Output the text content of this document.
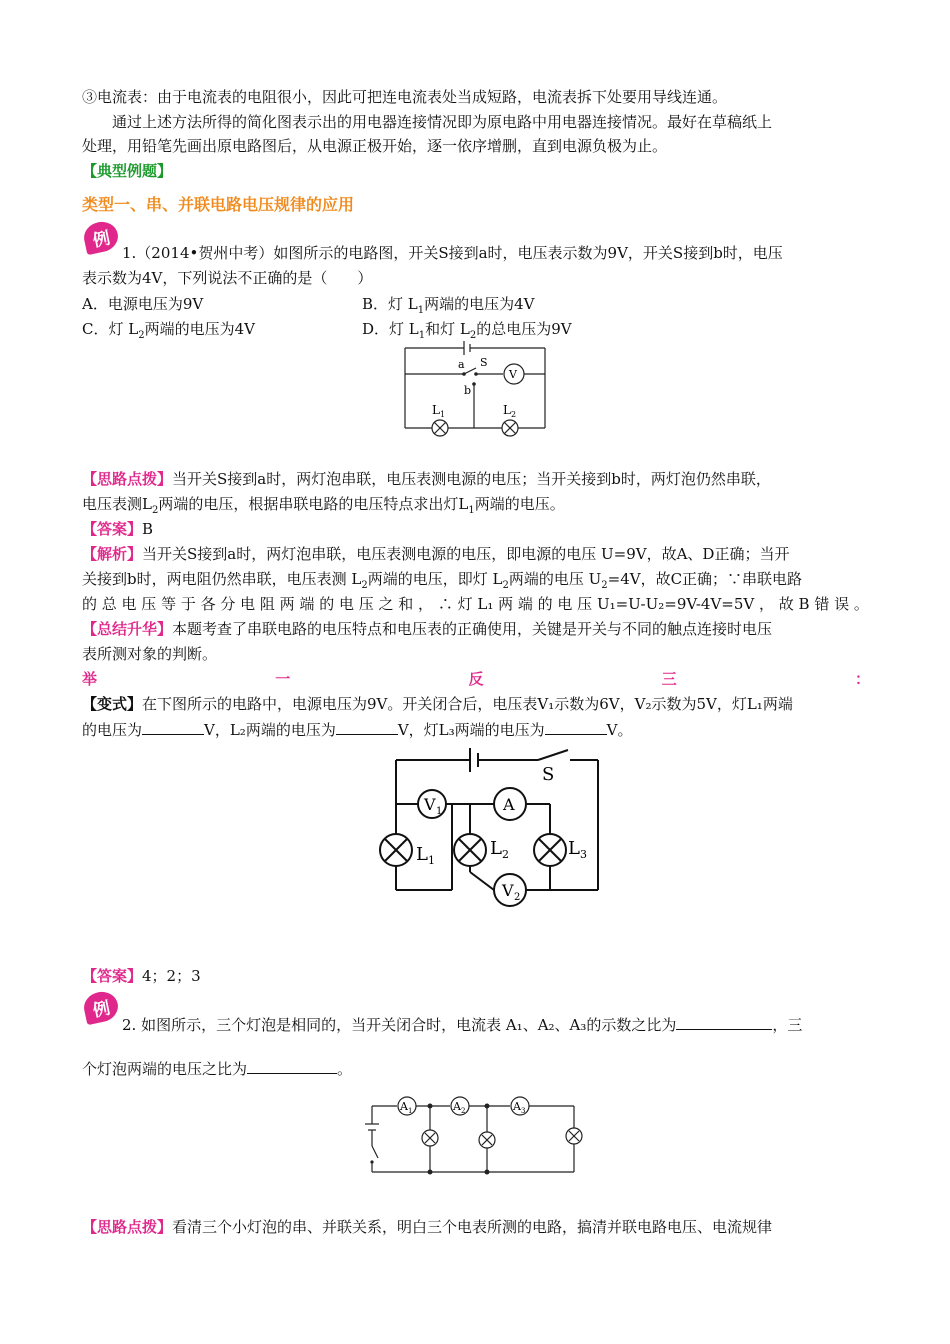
③电流表：由于电流表的电阻很小，因此可把连电流表处当成短路，电流表拆下处要用导线连通。
通过上述方法所得的简化图表示出的用电器连接情况即为原电路中用电器连接情况。最好在草稿纸上
处理，用铅笔先画出原电路图后，从电源正极开始，逐一依序增删，直到电源负极为止。
【典型例题】
类型一、串、并联电路电压规律的应用
例
1.（2014•贺州中考）如图所示的电路图，开关S接到a时，电压表示数为9V，开关S接到b时，电压
表示数为4V，下列说法不正确的是（　　）
A．电源电压为9V	B．灯 $L_1$两端的电压为4V
C．灯 $L_2$两端的电压为4V	D．灯 $L_1$和灯 $L_2$的总电压为9V
a S
b
V
L 1	L 2
【思路点拨】当开关S接到a时，两灯泡串联，电压表测电源的电压；当开关接到b时，两灯泡仍然串联，
电压表测$L_2$两端的电压，根据串联电路的电压特点求出灯$L_1$两端的电压。
【答案】B
【解析】当开关S接到a时，两灯泡串联，电压表测电源的电压，即电源的电压 U=9V，故A、D正确；当开
关接到b时，两电阻仍然串联，电压表测 $L_2$两端的电压，即灯 $L_2$两端的电压 $U_2=4V$，故C正确；∵串联电路
的 总 电 压 等 于 各 分 电 阻 两 端 的 电 压 之 和 ， ∴ 灯 L₁ 两 端 的 电 压 U₁=U-U₂=9V-4V=5V ， 故 B 错 误 。
【总结升华】本题考查了串联电路的电压特点和电压表的正确使用，关键是开关与不同的触点连接时电压
表所测对象的判断。
举	一	反	三	：
【变式】在下图所示的电路中，电源电压为9V。开关闭合后，电压表V₁示数为6V，V₂示数为5V，灯L₁两端
的电压为	V，L₂两端的电压为	V，灯L₃两端的电压为	V。
S
V 1	A
V 2
L 1
L 2	L 3
【答案】4；2；3
例
2. 如图所示，三个灯泡是相同的，当开关闭合时，电流表 A₁、A₂、A₃的示数之比为	，三
个灯泡两端的电压之比为	。
A 1	A 2	A 3
【思路点拨】看清三个小灯泡的串、并联关系，明白三个电表所测的电路，搞清并联电路电压、电流规律
